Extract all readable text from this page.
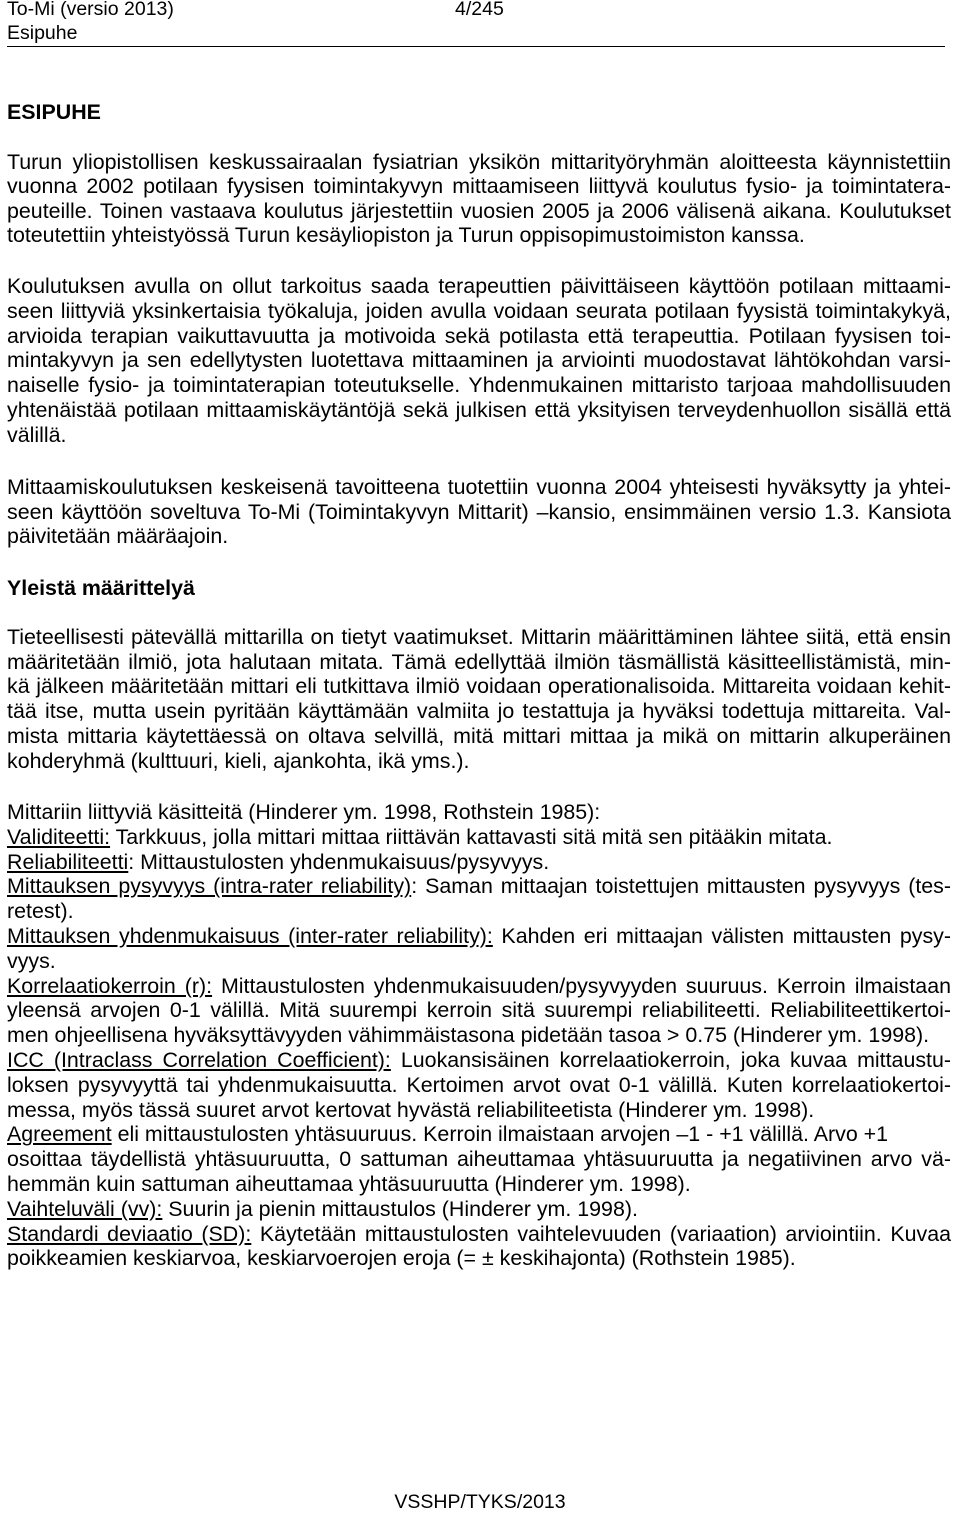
To-Mi (versio 2013)	4/245
Esipuhe
ESIPUHE
Turun yliopistollisen keskussairaalan fysiatrian yksikön mittarityöryhmän aloitteesta käynnistettiin
vuonna 2002 potilaan fyysisen toimintakyvyn mittaamiseen liittyvä koulutus fysio- ja toimintatera-
peuteille. Toinen vastaava koulutus järjestettiin vuosien 2005 ja 2006 välisenä aikana. Koulutukset
toteutettiin yhteistyössä Turun kesäyliopiston ja Turun oppisopimustoimiston kanssa.
Koulutuksen avulla on ollut tarkoitus saada terapeuttien päivittäiseen käyttöön potilaan mittaami-
seen liittyviä yksinkertaisia työkaluja, joiden avulla voidaan seurata potilaan fyysistä toimintakykyä,
arvioida terapian vaikuttavuutta ja motivoida sekä potilasta että terapeuttia. Potilaan fyysisen toi-
mintakyvyn ja sen edellytysten luotettava mittaaminen ja arviointi muodostavat lähtökohdan varsi-
naiselle fysio- ja toimintaterapian toteutukselle. Yhdenmukainen mittaristo tarjoaa mahdollisuuden
yhtenäistää potilaan mittaamiskäytäntöjä sekä julkisen että yksityisen terveydenhuollon sisällä että
välillä.
Mittaamiskoulutuksen keskeisenä tavoitteena tuotettiin vuonna 2004 yhteisesti hyväksytty ja yhtei-
seen käyttöön soveltuva To-Mi (Toimintakyvyn Mittarit) –kansio, ensimmäinen versio 1.3. Kansiota
päivitetään määräajoin.
Yleistä määrittelyä
Tieteellisesti pätevällä mittarilla on tietyt vaatimukset. Mittarin määrittäminen lähtee siitä, että ensin
määritetään ilmiö, jota halutaan mitata. Tämä edellyttää ilmiön täsmällistä käsitteellistämistä, min-
kä jälkeen määritetään mittari eli tutkittava ilmiö voidaan operationalisoida. Mittareita voidaan kehit-
tää itse, mutta usein pyritään käyttämään valmiita jo testattuja ja hyväksi todettuja mittareita. Val-
mista mittaria käytettäessä on oltava selvillä, mitä mittari mittaa ja mikä on mittarin alkuperäinen
kohderyhmä (kulttuuri, kieli, ajankohta, ikä yms.).
Mittariin liittyviä käsitteitä (Hinderer ym. 1998, Rothstein 1985):
Validiteetti: Tarkkuus, jolla mittari mittaa riittävän kattavasti sitä mitä sen pitääkin mitata.
Reliabiliteetti: Mittaustulosten yhdenmukaisuus/pysyvyys.
Mittauksen pysyvyys (intra-rater reliability): Saman mittaajan toistettujen mittausten pysyvyys (tes-
retest).
Mittauksen yhdenmukaisuus (inter-rater reliability): Kahden eri mittaajan välisten mittausten pysy-
vyys.
Korrelaatiokerroin (r): Mittaustulosten yhdenmukaisuuden/pysyvyyden suuruus. Kerroin ilmaistaan
yleensä arvojen 0-1 välillä. Mitä suurempi kerroin sitä suurempi reliabiliteetti. Reliabiliteettikertoi-
men ohjeellisena hyväksyttävyyden vähimmäistasona pidetään tasoa > 0.75 (Hinderer ym. 1998).
ICC (Intraclass Correlation Coefficient): Luokansisäinen korrelaatiokerroin, joka kuvaa mittaustu-
loksen pysyvyyttä tai yhdenmukaisuutta. Kertoimen arvot ovat 0-1 välillä. Kuten korrelaatiokertoi-
messa, myös tässä suuret arvot kertovat hyvästä reliabiliteetista (Hinderer ym. 1998).
Agreement eli mittaustulosten yhtäsuuruus. Kerroin ilmaistaan arvojen –1 - +1 välillä. Arvo +1
osoittaa täydellistä yhtäsuuruutta, 0 sattuman aiheuttamaa yhtäsuuruutta ja negatiivinen arvo vä-
hemmän kuin sattuman aiheuttamaa yhtäsuuruutta (Hinderer ym. 1998).
Vaihteluväli (vv): Suurin ja pienin mittaustulos (Hinderer ym. 1998).
Standardi deviaatio (SD): Käytetään mittaustulosten vaihtelevuuden (variaation) arviointiin. Kuvaa
poikkeamien keskiarvoa, keskiarvoerojen eroja (= ± keskihajonta) (Rothstein 1985).
VSSHP/TYKS/2013
